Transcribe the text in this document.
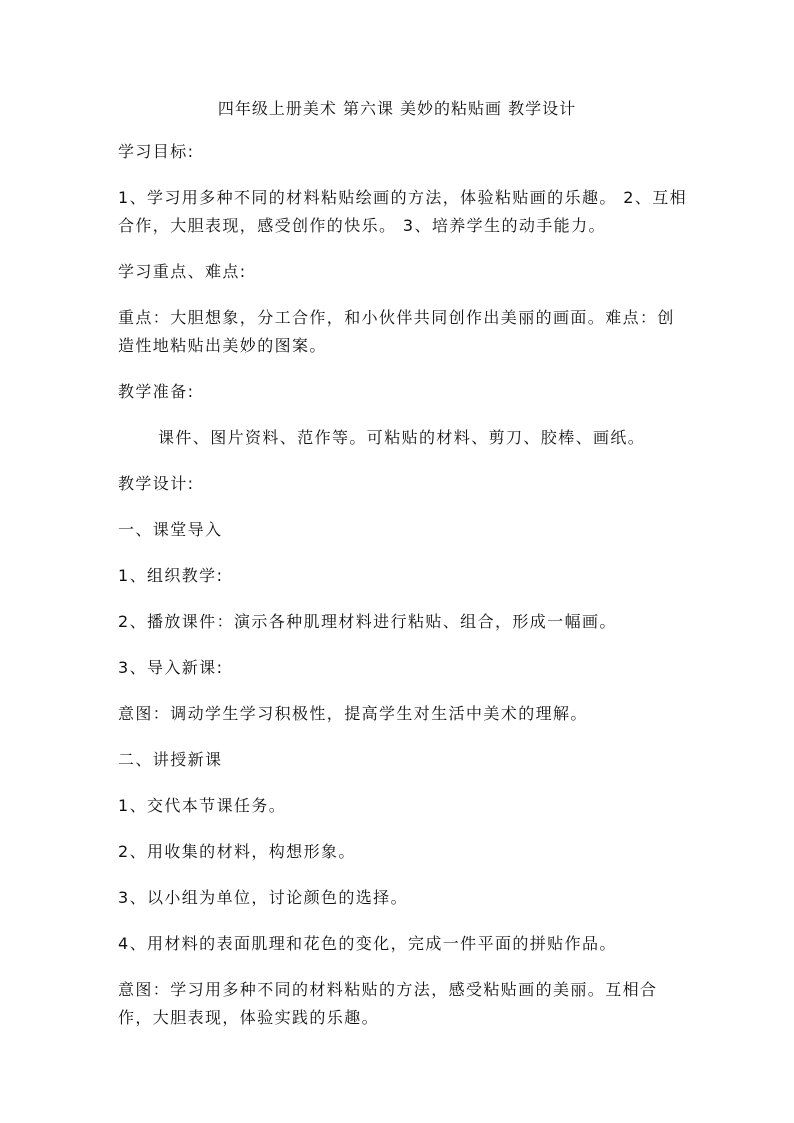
四年级上册美术 第六课 美妙的粘贴画 教学设计

学习目标:

1、学习用多种不同的材料粘贴绘画的方法，体验粘贴画的乐趣。 2、互相合作，大胆表现，感受创作的快乐。 3、培养学生的动手能力。

学习重点、难点:

重点：大胆想象，分工合作，和小伙伴共同创作出美丽的画面。难点：创造性地粘贴出美妙的图案。

教学准备:

课件、图片资料、范作等。可粘贴的材料、剪刀、胶棒、画纸。

教学设计:

一、课堂导入

1、组织教学:

2、播放课件：演示各种肌理材料进行粘贴、组合，形成一幅画。

3、导入新课:

意图：调动学生学习积极性，提高学生对生活中美术的理解。

二、讲授新课

1、交代本节课任务。

2、用收集的材料，构想形象。

3、以小组为单位，讨论颜色的选择。

4、用材料的表面肌理和花色的变化，完成一件平面的拼贴作品。

意图：学习用多种不同的材料粘贴的方法，感受粘贴画的美丽。互相合作，大胆表现，体验实践的乐趣。
